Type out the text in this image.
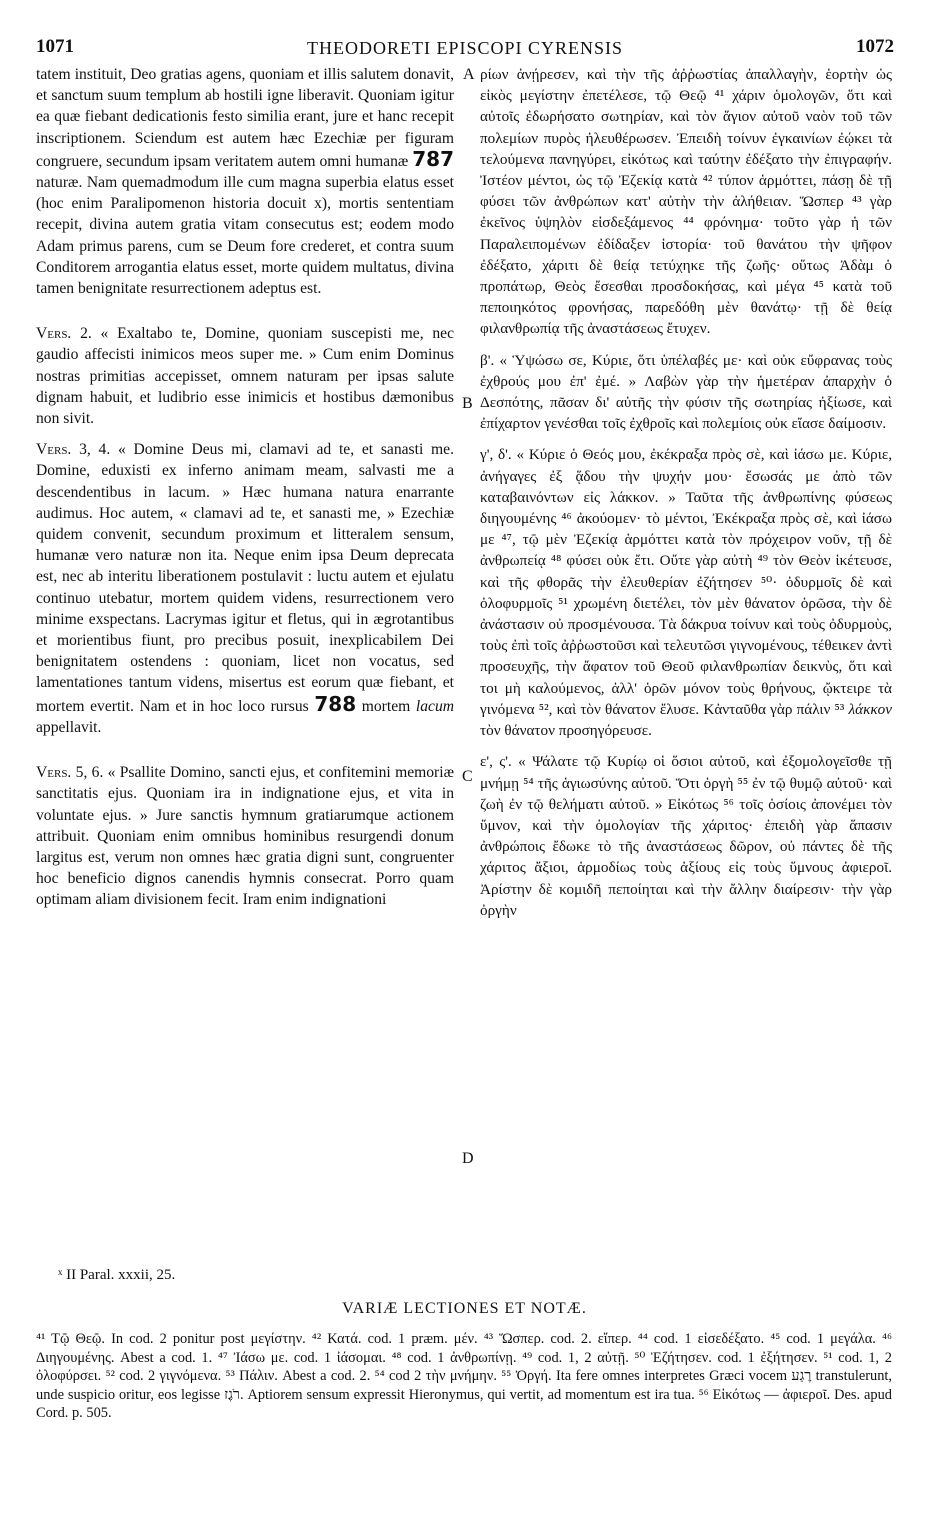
1071	THEODORETI EPISCOPI CYRENSIS	1072

tatem instituit, Deo gratias agens, quoniam et illis salutem donavit, et sanctum suum templum ab hostili igne liberavit. Quoniam igitur ea quæ fiebant dedicationis festo similia erant, jure et hanc recepit inscriptionem. Sciendum est autem hæc Ezechiæ per figuram congruere, secundum ipsam veritatem autem omni humanæ 787 naturæ. Nam quemadmodum ille cum magna superbia elatus esset (hoc enim Paralipomenon historia docuit x), mortis sententiam recepit, divina autem gratia vitam consecutus est; eodem modo Adam primus parens, cum se Deum fore crederet, et contra suum Conditorem arrogantia elatus esset, morte quidem multatus, divina tamen benignitate resurrectionem adeptus est.

Vers. 2. « Exaltabo te, Domine, quoniam suscepisti me, nec gaudio affecisti inimicos meos super me. » Cum enim Dominus nostras primitias accepisset, omnem naturam per ipsas salute dignam habuit, et ludibrio esse inimicis et hostibus dæmonibus non sivit.

Vers. 3, 4. « Domine Deus mi, clamavi ad te, et sanasti me. Domine, eduxisti ex inferno animam meam, salvasti me a descendentibus in lacum. » Hæc humana natura enarrante audimus. Hoc autem, « clamavi ad te, et sanasti me, » Ezechiæ quidem convenit, secundum proximum et litteralem sensum, humanæ vero naturæ non ita. Neque enim ipsa Deum deprecata est, nec ab interitu liberationem postulavit : luctu autem et ejulatu continuo utebatur, mortem quidem videns, resurrectionem vero minime exspectans. Lacrymas igitur et fletus, qui in ægrotantibus et morientibus fiunt, pro precibus posuit, inexplicabilem Dei benignitatem ostendens : quoniam, licet non vocatus, sed lamentationes tantum videns, misertus est eorum quæ fiebant, et mortem evertit. Nam et in hoc loco rursus 788 mortem lacum appellavit.

Vers. 5, 6. « Psallite Domino, sancti ejus, et confitemini memoriæ sanctitatis ejus. Quoniam ira in indignatione ejus, et vita in voluntate ejus. » Jure sanctis hymnum gratiarumque actionem attribuit. Quoniam enim omnibus hominibus resurgendi donum largitus est, verum non omnes hæc gratia digni sunt, congruenter hoc beneficio dignos canendis hymnis consecrat. Porro quam optimam aliam divisionem fecit. Iram enim indignationi

A
B
C
D

ρίων ἀνῄρεσεν, καὶ τὴν τῆς ἀῤῥωστίας ἀπαλλαγὴν, ἑορτὴν ὡς εἰκὸς μεγίστην ἐπετέλεσε, τῷ Θεῷ ⁴¹ χάριν ὁμολογῶν, ὅτι καὶ αὐτοῖς ἐδωρήσατο σωτηρίαν, καὶ τὸν ἅγιον αὐτοῦ ναὸν τοῦ τῶν πολεμίων πυρὸς ἠλευθέρωσεν. Ἐπειδὴ τοίνυν ἐγκαινίων ἐῴκει τὰ τελούμενα πανηγύρει, εἰκότως καὶ ταύτην ἐδέξατο τὴν ἐπιγραφήν. Ἰστέον μέντοι, ὡς τῷ Ἐζεκίᾳ κατὰ ⁴² τύπον ἁρμόττει, πάσῃ δὲ τῇ φύσει τῶν ἀνθρώπων κατ' αὐτὴν τὴν ἀλήθειαν. Ὥσπερ ⁴³ γὰρ ἐκεῖνος ὑψηλὸν εἰσδεξάμενος ⁴⁴ φρόνημα· τοῦτο γὰρ ἡ τῶν Παραλειπομένων ἐδίδαξεν ἱστορία· τοῦ θανάτου τὴν ψῆφον ἐδέξατο, χάριτι δὲ θείᾳ τετύχηκε τῆς ζωῆς· οὕτως Ἀδὰμ ὁ προπάτωρ, Θεὸς ἔσεσθαι προσδοκήσας, καὶ μέγα ⁴⁵ κατὰ τοῦ πεποιηκότος φρονήσας, παρεδόθη μὲν θανάτῳ· τῇ δὲ θείᾳ φιλανθρωπίᾳ τῆς ἀναστάσεως ἔτυχεν.

β'. « Ὑψώσω σε, Κύριε, ὅτι ὑπέλαβές με· καὶ οὐκ εὔφρανας τοὺς ἐχθρούς μου ἐπ' ἐμέ. » Λαβὼν γὰρ τὴν ἡμετέραν ἀπαρχὴν ὁ Δεσπότης, πᾶσαν δι' αὐτῆς τὴν φύσιν τῆς σωτηρίας ἠξίωσε, καὶ ἐπίχαρτον γενέσθαι τοῖς ἐχθροῖς καὶ πολεμίοις οὐκ εἴασε δαίμοσιν.

γ', δ'. « Κύριε ὁ Θεός μου, ἐκέκραξα πρὸς σὲ, καὶ ἰάσω με. Κύριε, ἀνήγαγες ἐξ ᾅδου τὴν ψυχήν μου· ἔσωσάς με ἀπὸ τῶν καταβαινόντων εἰς λάκκον. » Ταῦτα τῆς ἀνθρωπίνης φύσεως διηγουμένης ⁴⁶ ἀκούομεν· τὸ μέντοι, Ἐκέκραξα πρὸς σὲ, καὶ ἰάσω με ⁴⁷, τῷ μὲν Ἐζεκίᾳ ἁρμόττει κατὰ τὸν πρόχειρον νοῦν, τῇ δὲ ἀνθρωπείᾳ ⁴⁸ φύσει οὐκ ἔτι. Οὔτε γὰρ αὐτὴ ⁴⁹ τὸν Θεὸν ἱκέτευσε, καὶ τῆς φθορᾶς τὴν ἐλευθερίαν ἐζήτησεν ⁵⁰· ὀδυρμοῖς δὲ καὶ ὀλοφυρμοῖς ⁵¹ χρωμένη διετέλει, τὸν μὲν θάνατον ὁρῶσα, τὴν δὲ ἀνάστασιν οὐ προσμένουσα. Τὰ δάκρυα τοίνυν καὶ τοὺς ὀδυρμοὺς, τοὺς ἐπὶ τοῖς ἀῤῥωστοῦσι καὶ τελευτῶσι γιγνομένους, τέθεικεν ἀντὶ προσευχῆς, τὴν ἄφατον τοῦ Θεοῦ φιλανθρωπίαν δεικνὺς, ὅτι καὶ τοι μὴ καλούμενος, ἀλλ' ὁρῶν μόνον τοὺς θρήνους, ᾤκτειρε τὰ γινόμενα ⁵², καὶ τὸν θάνατον ἔλυσε. Κἀνταῦθα γὰρ πάλιν ⁵³ λάκκον τὸν θάνατον προσηγόρευσε.

ε', ς'. « Ψάλατε τῷ Κυρίῳ οἱ ὅσιοι αὐτοῦ, καὶ ἐξομολογεῖσθε τῇ μνήμῃ ⁵⁴ τῆς ἁγιωσύνης αὐτοῦ. Ὅτι ὀργὴ ⁵⁵ ἐν τῷ θυμῷ αὐτοῦ· καὶ ζωὴ ἐν τῷ θελήματι αὐτοῦ. » Εἰκότως ⁵⁶ τοῖς ὁσίοις ἀπονέμει τὸν ὕμνον, καὶ τὴν ὁμολογίαν τῆς χάριτος· ἐπειδὴ γὰρ ἅπασιν ἀνθρώποις ἔδωκε τὸ τῆς ἀναστάσεως δῶρον, οὐ πάντες δὲ τῆς χάριτος ἄξιοι, ἁρμοδίως τοὺς ἀξίους εἰς τοὺς ὕμνους ἀφιεροῖ. Ἀρίστην δὲ κομιδῆ πεποίηται καὶ τὴν ἄλλην διαίρεσιν· τὴν γὰρ ὀργὴν

ˣ II Paral. xxxii, 25.
VARIÆ LECTIONES ET NOTÆ.
⁴¹ Τῷ Θεῷ. In cod. 2 ponitur post μεγίστην. ⁴² Κατά. cod. 1 præm. μέν. ⁴³ Ὥσπερ. cod. 2. εἴπερ. ⁴⁴ cod. 1 εἰσεδέξατο. ⁴⁵ cod. 1 μεγάλα. ⁴⁶ Διηγουμένης. Abest a cod. 1. ⁴⁷ Ἰάσω με. cod. 1 ἰάσομαι. ⁴⁸ cod. 1 ἀνθρωπίνῃ. ⁴⁹ cod. 1, 2 αὐτῇ. ⁵⁰ Ἐζήτησεν. cod. 1 ἐξήτησεν. ⁵¹ cod. 1, 2 ὀλοφύρσει. ⁵² cod. 2 γιγνόμενα. ⁵³ Πάλιν. Abest a cod. 2. ⁵⁴ cod 2 τὴν μνήμην. ⁵⁵ Ὀργή. Ita fere omnes interpretes Græci vocem רֶגַע transtulerunt, unde suspicio oritur, eos legisse רֹגֶז. Aptiorem sensum expressit Hieronymus, qui vertit, ad momentum est ira tua. ⁵⁶ Εἰκότως — ἀφιεροῖ. Des. apud Cord. p. 505.
